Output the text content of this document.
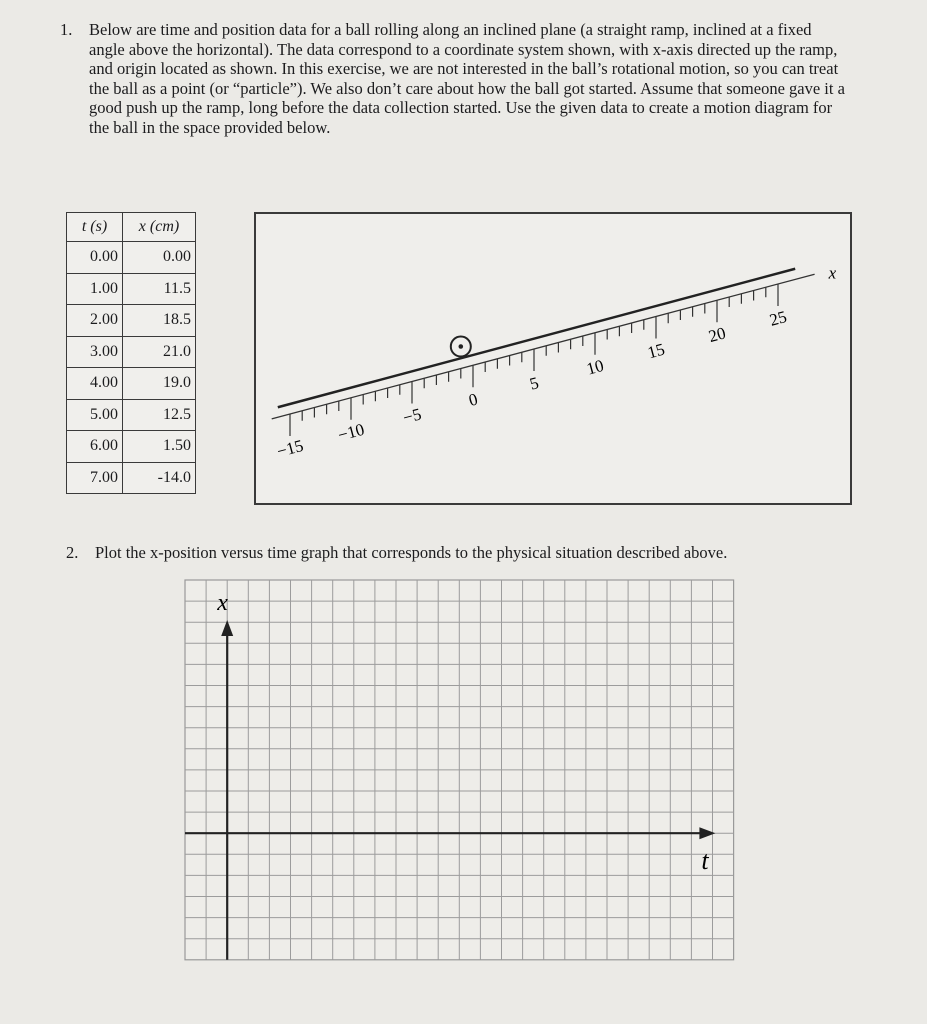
1. Below are time and position data for a ball rolling along an inclined plane (a straight ramp, inclined at a fixed angle above the horizontal). The data correspond to a coordinate system shown, with x-axis directed up the ramp, and origin located as shown. In this exercise, we are not interested in the ball’s rotational motion, so you can treat the ball as a point (or “particle”). We also don’t care about how the ball got started. Assume that someone gave it a good push up the ramp, long before the data collection started. Use the given data to create a motion diagram for the ball in the space provided below.
t (s)	x (cm)
0.00	0.00
1.00	11.5
2.00	18.5
3.00	21.0
4.00	19.0
5.00	12.5
6.00	1.50
7.00	-14.0
x
−15
−10
−5
0
5
10
15
20
25
2. Plot the x-position versus time graph that corresponds to the physical situation described above.
x
t
